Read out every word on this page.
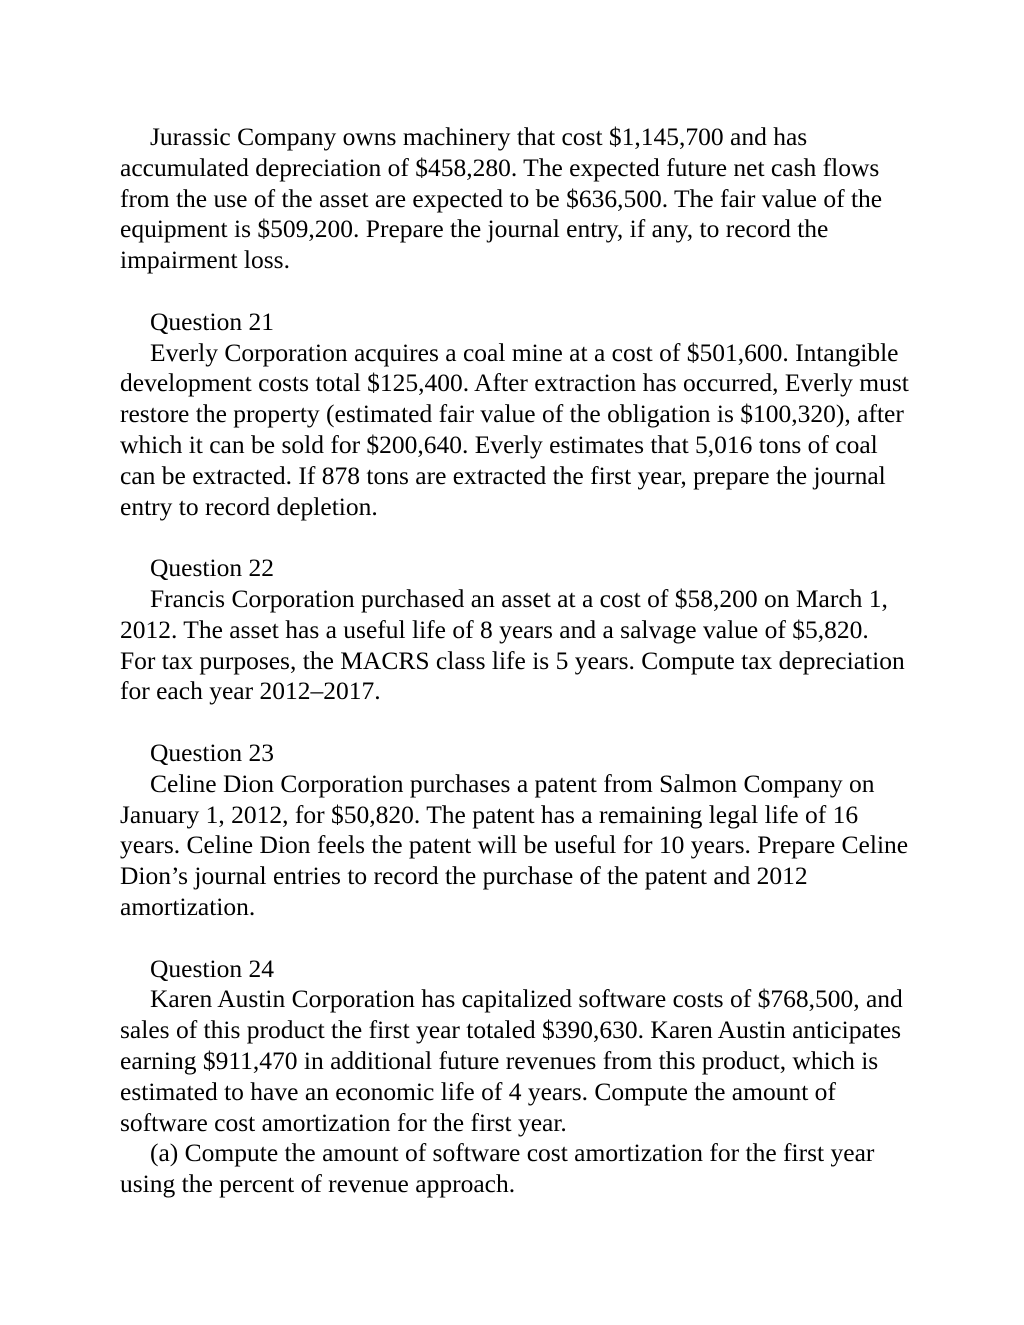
Jurassic Company owns machinery that cost $1,145,700 and has accumulated depreciation of $458,280. The expected future net cash flows from the use of the asset are expected to be $636,500. The fair value of the equipment is $509,200. Prepare the journal entry, if any, to record the impairment loss.

Question 21

Everly Corporation acquires a coal mine at a cost of $501,600. Intangible development costs total $125,400. After extraction has occurred, Everly must restore the property (estimated fair value of the obligation is $100,320), after which it can be sold for $200,640. Everly estimates that 5,016 tons of coal can be extracted. If 878 tons are extracted the first year, prepare the journal entry to record depletion.

Question 22

Francis Corporation purchased an asset at a cost of $58,200 on March 1, 2012. The asset has a useful life of 8 years and a salvage value of $5,820. For tax purposes, the MACRS class life is 5 years. Compute tax depreciation for each year 2012–2017.

Question 23

Celine Dion Corporation purchases a patent from Salmon Company on January 1, 2012, for $50,820. The patent has a remaining legal life of 16 years. Celine Dion feels the patent will be useful for 10 years. Prepare Celine Dion’s journal entries to record the purchase of the patent and 2012 amortization.

Question 24

Karen Austin Corporation has capitalized software costs of $768,500, and sales of this product the first year totaled $390,630. Karen Austin anticipates earning $911,470 in additional future revenues from this product, which is estimated to have an economic life of 4 years. Compute the amount of software cost amortization for the first year.

(a) Compute the amount of software cost amortization for the first year using the percent of revenue approach.
